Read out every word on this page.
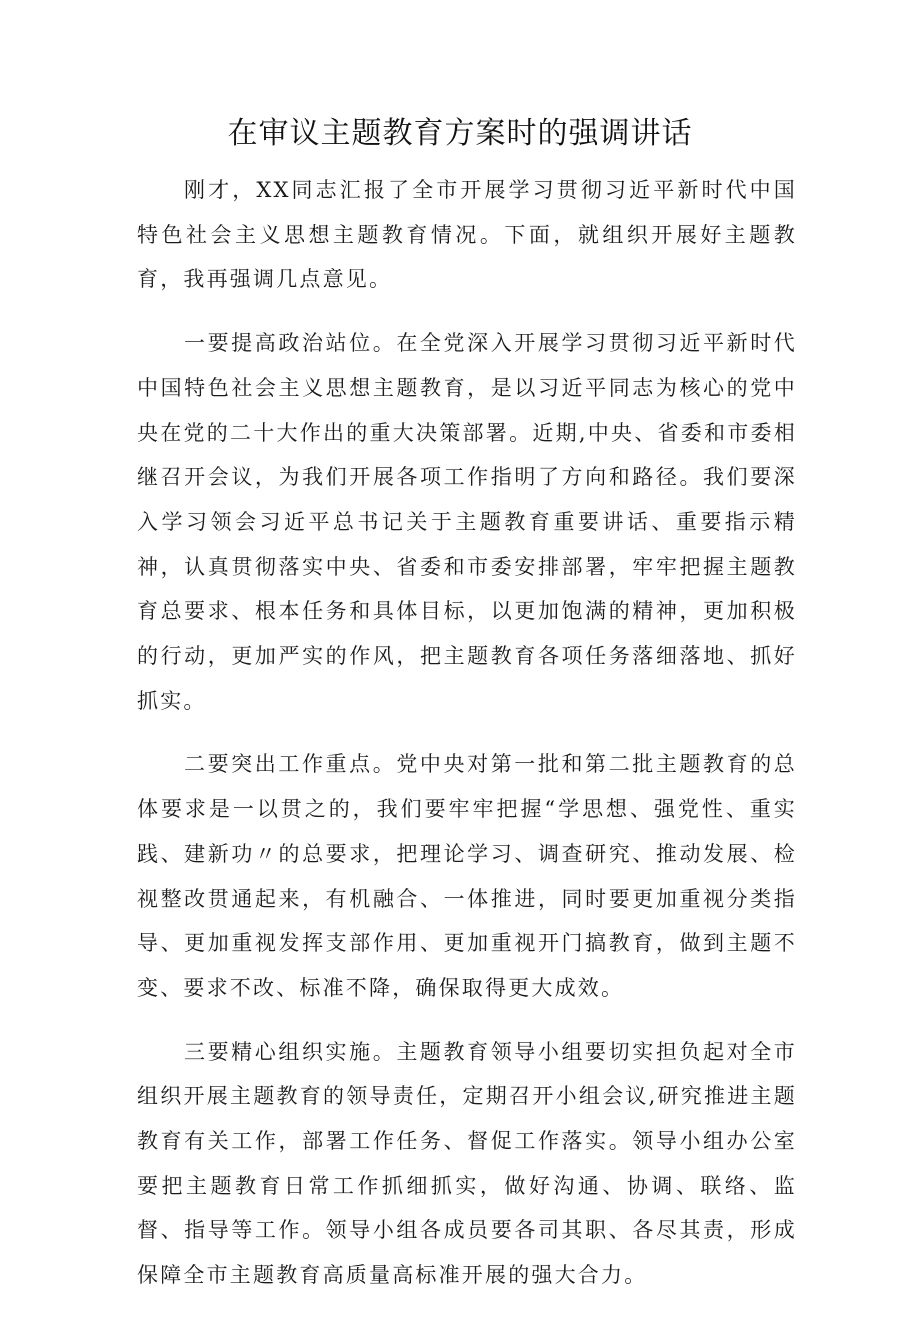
在审议主题教育方案时的强调讲话

刚才，XX同志汇报了全市开展学习贯彻习近平新时代中国特色社会主义思想主题教育情况。下面，就组织开展好主题教育，我再强调几点意见。

一要提高政治站位。在全党深入开展学习贯彻习近平新时代中国特色社会主义思想主题教育，是以习近平同志为核心的党中央在党的二十大作出的重大决策部署。近期,中央、省委和市委相继召开会议，为我们开展各项工作指明了方向和路径。我们要深入学习领会习近平总书记关于主题教育重要讲话、重要指示精神，认真贯彻落实中央、省委和市委安排部署，牢牢把握主题教育总要求、根本任务和具体目标，以更加饱满的精神，更加积极的行动，更加严实的作风，把主题教育各项任务落细落地、抓好抓实。

二要突出工作重点。党中央对第一批和第二批主题教育的总体要求是一以贯之的，我们要牢牢把握“学思想、强党性、重实践、建新功〃的总要求，把理论学习、调查研究、推动发展、检视整改贯通起来，有机融合、一体推进，同时要更加重视分类指导、更加重视发挥支部作用、更加重视开门搞教育，做到主题不变、要求不改、标准不降，确保取得更大成效。

三要精心组织实施。主题教育领导小组要切实担负起对全市组织开展主题教育的领导责任，定期召开小组会议,研究推进主题教育有关工作，部署工作任务、督促工作落实。领导小组办公室要把主题教育日常工作抓细抓实，做好沟通、协调、联络、监督、指导等工作。领导小组各成员要各司其职、各尽其责，形成保障全市主题教育高质量高标准开展的强大合力。
